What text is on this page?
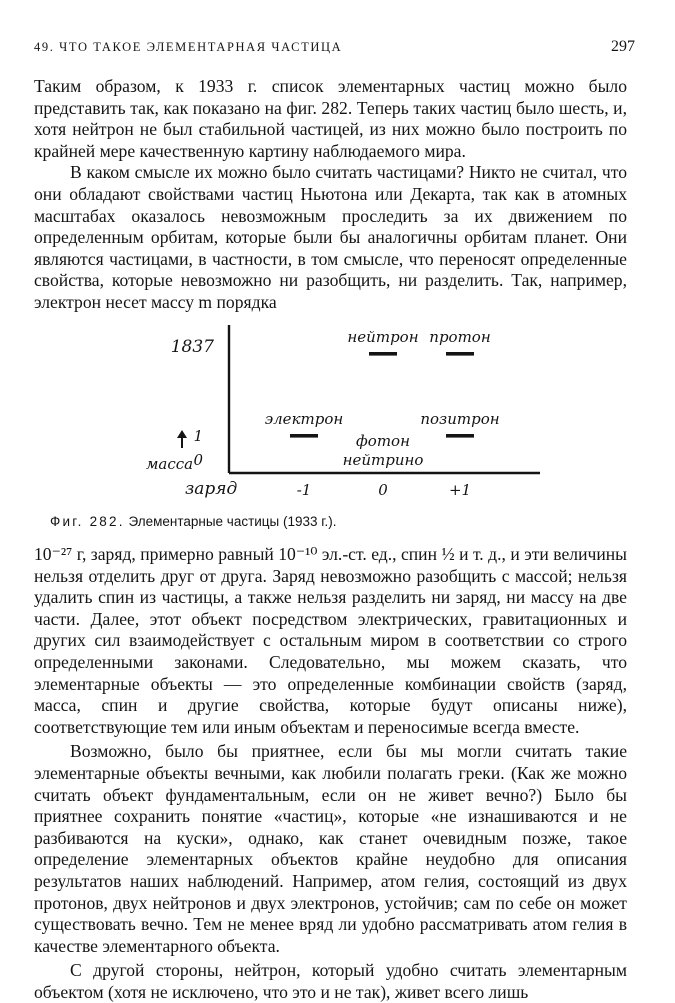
49. ЧТО ТАКОЕ ЭЛЕМЕНТАРНАЯ ЧАСТИЦА	297

Таким образом, к 1933 г. список элементарных частиц можно было представить так, как показано на фиг. 282. Теперь таких частиц было шесть, и, хотя нейтрон не был стабильной частицей, из них можно было построить по крайней мере качественную картину наблюдаемого мира.

В каком смысле их можно было считать частицами? Никто не считал, что они обладают свойствами частиц Ньютона или Декарта, так как в атомных масштабах оказалось невозможным проследить за их движением по определенным орбитам, которые были бы аналогичны орбитам планет. Они являются частицами, в частности, в том смысле, что переносят определенные свойства, которые невозможно ни разобщить, ни разделить. Так, например, электрон несет массу m порядка

0
1
1837
масса
заряд	-1	0	+1
нейтрон протон
электрон	позитрон
фотон
нейтрино
Фиг. 282. Элементарные частицы (1933 г.).

10⁻²⁷ г, заряд, примерно равный 10⁻¹⁰ эл.-ст. ед., спин ½ и т. д., и эти величины нельзя отделить друг от друга. Заряд невозможно разобщить с массой; нельзя удалить спин из частицы, а также нельзя разделить ни заряд, ни массу на две части. Далее, этот объект посредством электрических, гравитационных и других сил взаимодействует с остальным миром в соответствии со строго определенными законами. Следовательно, мы можем сказать, что элементарные объекты — это определенные комбинации свойств (заряд, масса, спин и другие свойства, которые будут описаны ниже), соответствующие тем или иным объектам и переносимые всегда вместе.

Возможно, было бы приятнее, если бы мы могли считать такие элементарные объекты вечными, как любили полагать греки. (Как же можно считать объект фундаментальным, если он не живет вечно?) Было бы приятнее сохранить понятие «частиц», которые «не изнашиваются и не разбиваются на куски», однако, как станет очевидным позже, такое определение элементарных объектов крайне неудобно для описания результатов наших наблюдений. Например, атом гелия, состоящий из двух протонов, двух нейтронов и двух электронов, устойчив; сам по себе он может существовать вечно. Тем не менее вряд ли удобно рассматривать атом гелия в качестве элементарного объекта.

С другой стороны, нейтрон, который удобно считать элементарным объектом (хотя не исключено, что это и не так), живет всего лишь
